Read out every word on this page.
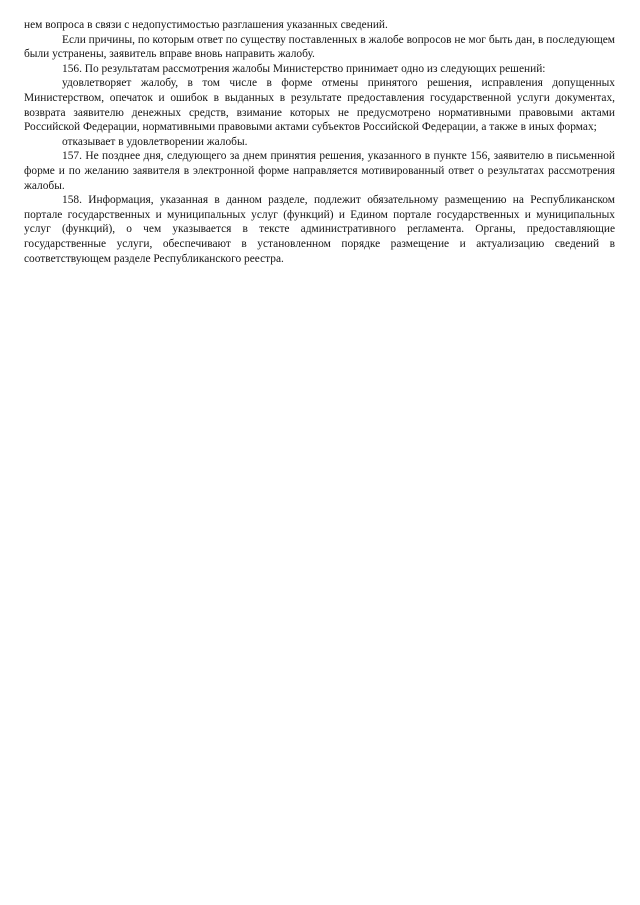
нем вопроса в связи с недопустимостью разглашения указанных сведений.

Если причины, по которым ответ по существу поставленных в жалобе вопросов не мог быть дан, в последующем были устранены, заявитель вправе вновь направить жалобу.

156. По результатам рассмотрения жалобы Министерство принимает одно из следующих решений:

удовлетворяет жалобу, в том числе в форме отмены принятого решения, исправления допущенных Министерством, опечаток и ошибок в выданных в результате предоставления государственной услуги документах, возврата заявителю денежных средств, взимание которых не предусмотрено нормативными правовыми актами Российской Федерации, нормативными правовыми актами субъектов Российской Федерации, а также в иных формах;

отказывает в удовлетворении жалобы.

157. Не позднее дня, следующего за днем принятия решения, указанного в пункте 156, заявителю в письменной форме и по желанию заявителя в электронной форме направляется мотивированный ответ о результатах рассмотрения жалобы.

158. Информация, указанная в данном разделе, подлежит обязательному размещению на Республиканском портале государственных и муниципальных услуг (функций) и Едином портале государственных и муниципальных услуг (функций), о чем указывается в тексте административного регламента. Органы, предоставляющие государственные услуги, обеспечивают в установленном порядке размещение и актуализацию сведений в соответствующем разделе Республиканского реестра.
